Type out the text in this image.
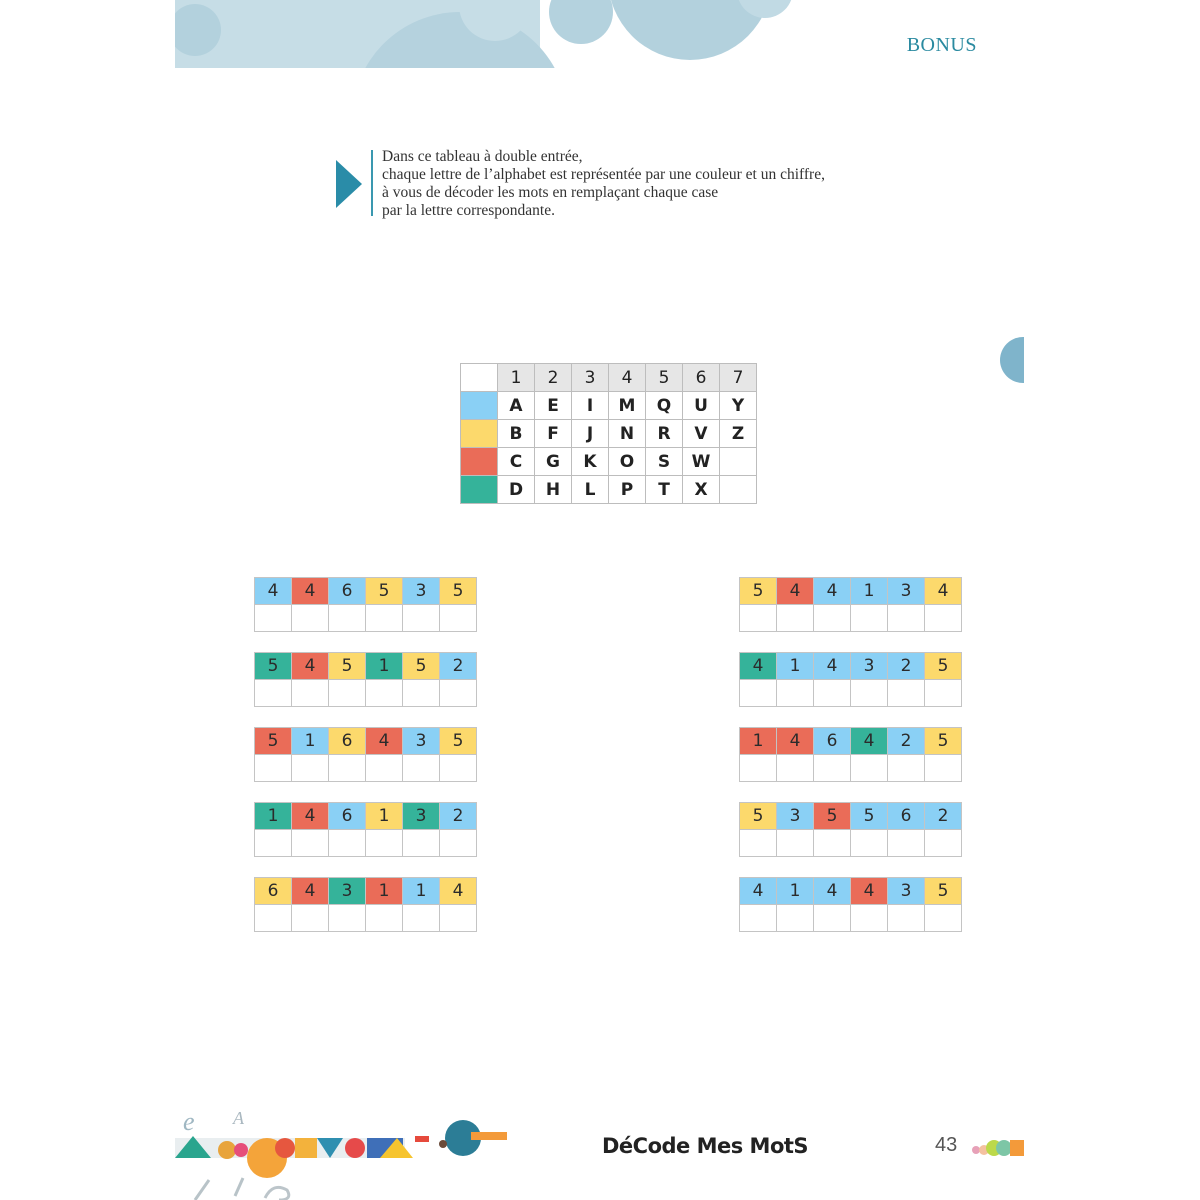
BONUS
Dans ce tableau à double entrée,
chaque lettre de l’alphabet est représentée par une couleur et un chiffre,
à vous de décoder les mots en remplaçant chaque case
par la lettre correspondante.
	1	2	3	4	5	6	7
	A	E	I	M	Q	U	Y
	B	F	J	N	R	V	Z
	C	G	K	O	S	W	
	D	H	L	P	T	X	
4	4	6	5	3	5

5	4	5	1	5	2

5	1	6	4	3	5

1	4	6	1	3	2

6	4	3	1	1	4

5	4	4	1	3	4

4	1	4	3	2	5

1	4	6	4	2	5

5	3	5	5	6	2

4	1	4	4	3	5

e A
DéCode Mes MotS	43
